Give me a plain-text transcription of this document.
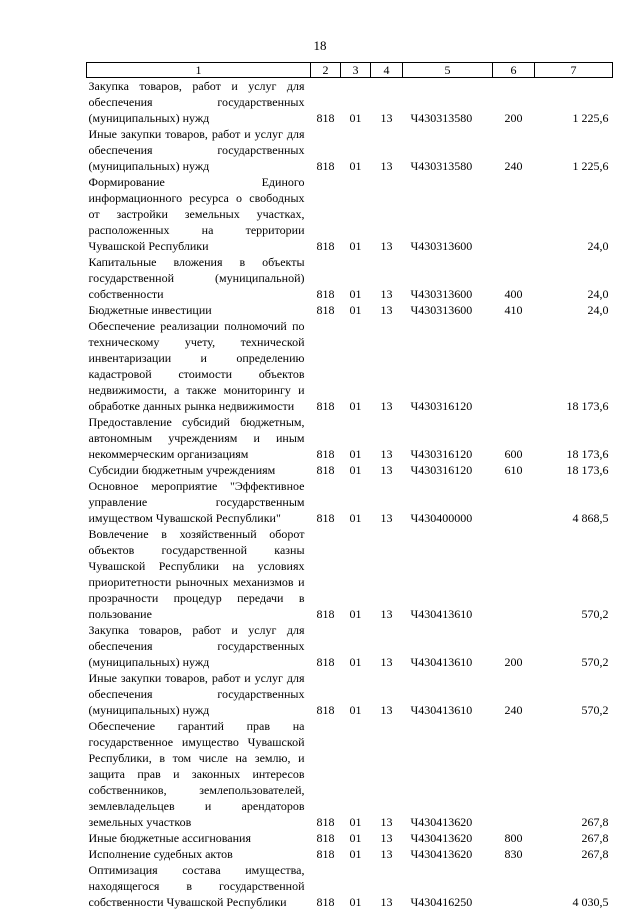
18
1	2	3	4	5	6	7
Закупка товаров, работ и услуг для обеспечения государственных (муниципальных) нужд	818	01	13	Ч430313580	200	1 225,6
Иные закупки товаров, работ и услуг для обеспечения государственных (муниципальных) нужд	818	01	13	Ч430313580	240	1 225,6
Формирование Единого информационного ресурса о свободных от застройки земельных участках, расположенных на территории Чувашской Республики	818	01	13	Ч430313600		24,0
Капитальные вложения в объекты государственной (муниципальной) собственности	818	01	13	Ч430313600	400	24,0
Бюджетные инвестиции	818	01	13	Ч430313600	410	24,0
Обеспечение реализации полномочий по техническому учету, технической инвентаризации и определению кадастровой стоимости объектов недвижимости, а также мониторингу и обработке данных рынка недвижимости	818	01	13	Ч430316120		18 173,6
Предоставление субсидий бюджетным, автономным учреждениям и иным некоммерческим организациям	818	01	13	Ч430316120	600	18 173,6
Субсидии бюджетным учреждениям	818	01	13	Ч430316120	610	18 173,6
Основное мероприятие "Эффективное управление государственным имуществом Чувашской Республики"	818	01	13	Ч430400000		4 868,5
Вовлечение в хозяйственный оборот объектов государственной казны Чувашской Республики на условиях приоритетности рыночных механизмов и прозрачности процедур передачи в пользование	818	01	13	Ч430413610		570,2
Закупка товаров, работ и услуг для обеспечения государственных (муниципальных) нужд	818	01	13	Ч430413610	200	570,2
Иные закупки товаров, работ и услуг для обеспечения государственных (муниципальных) нужд	818	01	13	Ч430413610	240	570,2
Обеспечение гарантий прав на государственное имущество Чувашской Республики, в том числе на землю, и защита прав и законных интересов собственников, землепользователей, землевладельцев и арендаторов земельных участков	818	01	13	Ч430413620		267,8
Иные бюджетные ассигнования	818	01	13	Ч430413620	800	267,8
Исполнение судебных актов	818	01	13	Ч430413620	830	267,8
Оптимизация состава имущества, находящегося в государственной собственности Чувашской Республики	818	01	13	Ч430416250		4 030,5
